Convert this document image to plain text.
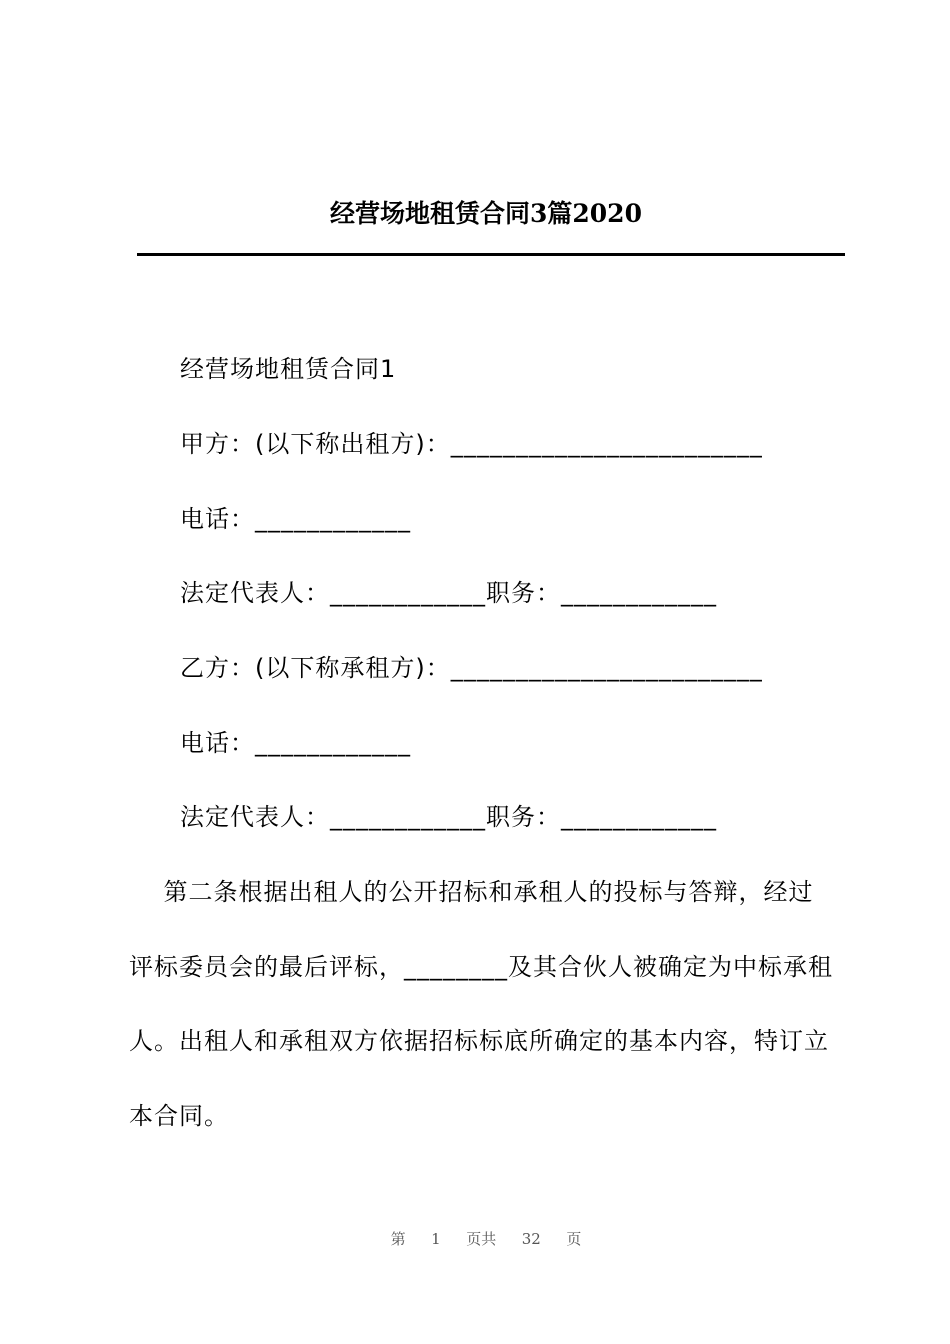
经营场地租赁合同3篇2020
经营场地租赁合同1
甲方：(以下称出租方)：________________________
电话：____________
法定代表人：____________职务：____________
乙方：(以下称承租方)：________________________
电话：____________
法定代表人：____________职务：____________

第二条根据出租人的公开招标和承租人的投标与答辩，经过

评标委员会的最后评标，________及其合伙人被确定为中标承租

人。出租人和承租双方依据招标标底所确定的基本内容，特订立

本合同。

第  1  页共  32  页
